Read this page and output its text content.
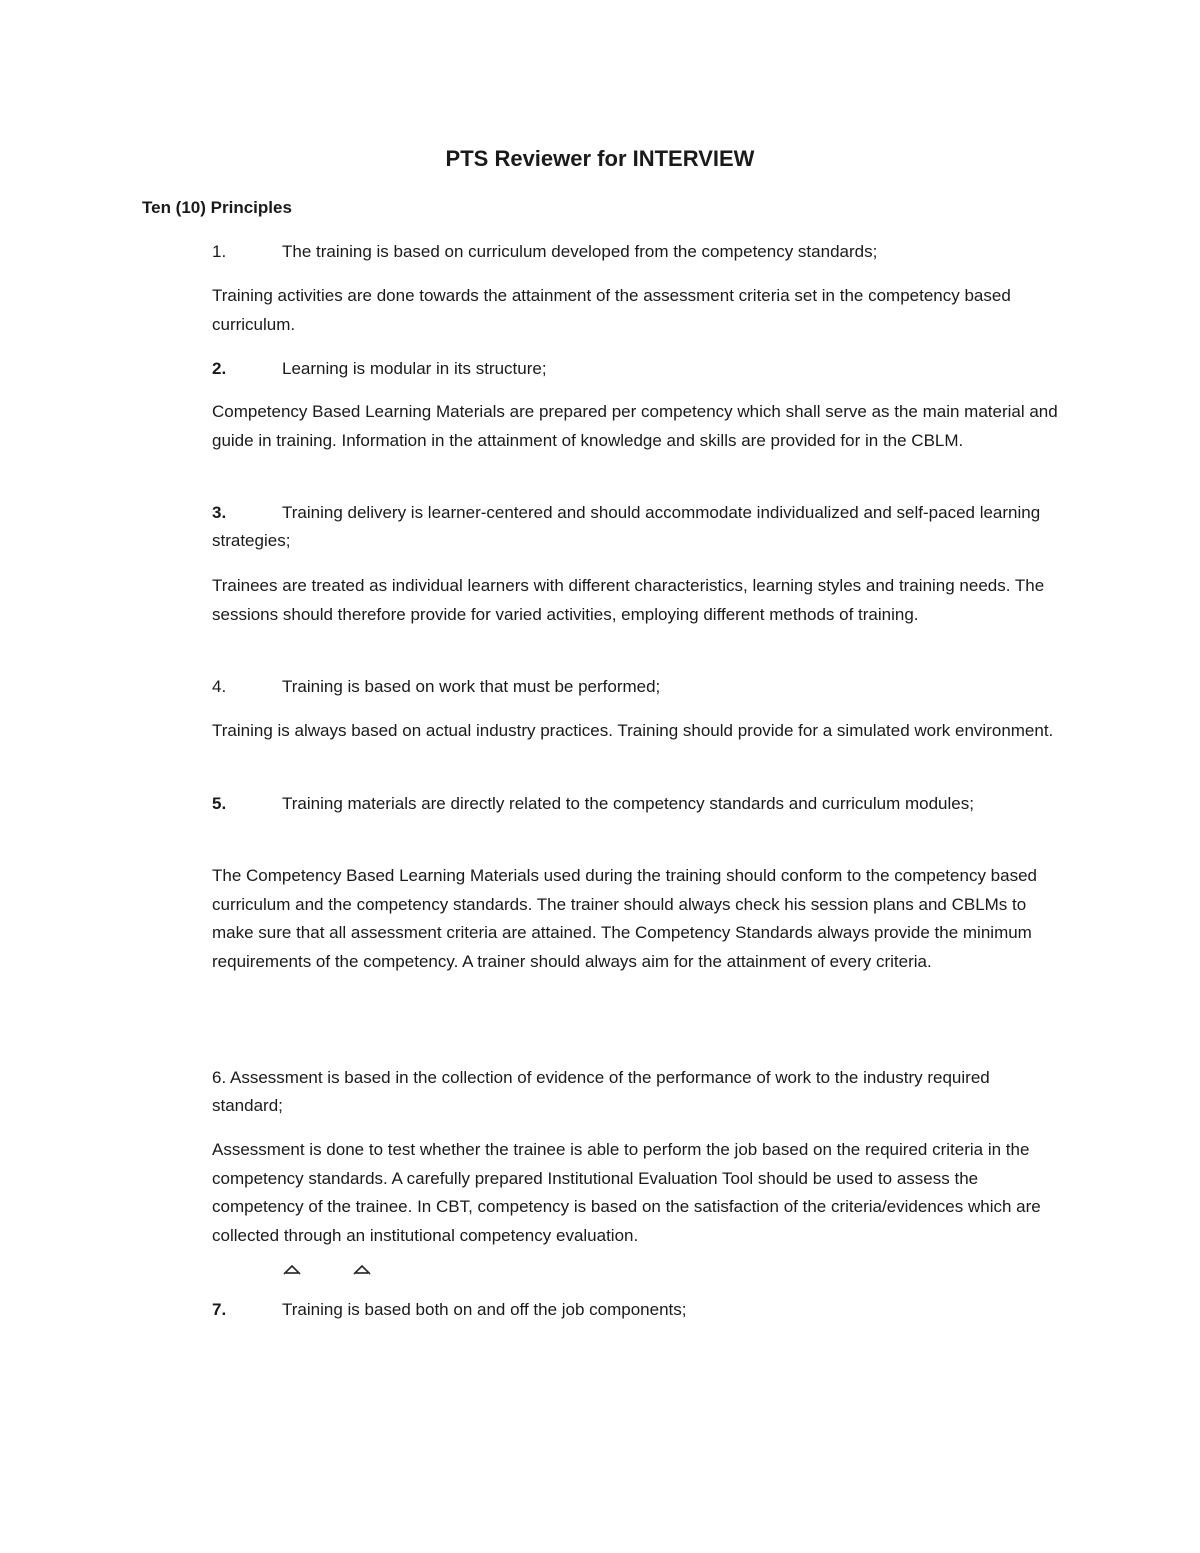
PTS Reviewer for INTERVIEW
Ten (10) Principles
1.	The training is based on curriculum developed from the competency standards;
Training activities are done towards the attainment of the assessment criteria set in the competency based curriculum.
2.	Learning is modular in its structure;
Competency Based Learning Materials are prepared per competency which shall serve as the main material and guide in training. Information in the attainment of knowledge and skills are provided for in the CBLM.
3.	Training delivery is learner-centered and should accommodate individualized and self-paced learning strategies;
Trainees are treated as individual learners with different characteristics, learning styles and training needs. The sessions should therefore provide for varied activities, employing different methods of training.
4.	Training is based on work that must be performed;
Training is always based on actual industry practices. Training should provide for a simulated work environment.
5.	Training materials are directly related to the competency standards and curriculum modules;
The Competency Based Learning Materials used during the training should conform to the competency based curriculum and the competency standards. The trainer should always check his session plans and CBLMs to make sure that all assessment criteria are attained. The Competency Standards always provide the minimum requirements of the competency. A trainer should always aim for the attainment of every criteria.
6. Assessment is based in the collection of evidence of the performance of work to the industry required standard;
Assessment is done to test whether the trainee is able to perform the job based on the required criteria in the competency standards. A carefully prepared Institutional Evaluation Tool should be used to assess the competency of the trainee. In CBT, competency is based on the satisfaction of the criteria/evidences which are collected through an institutional competency evaluation.
7.	Training is based both on and off the job components;
